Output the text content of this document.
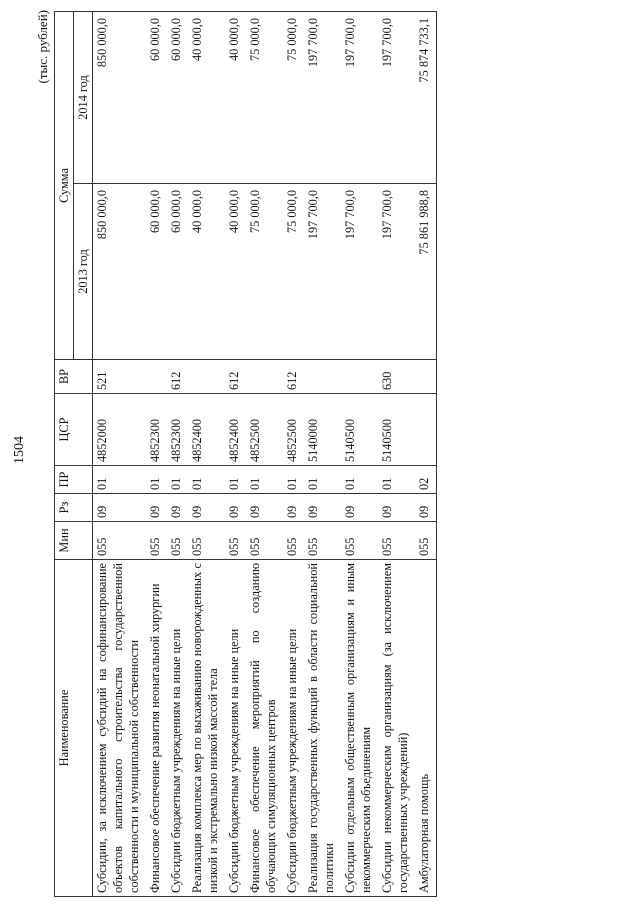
1504
(тыс. рублей)
Наименование	Мин	Рз	ПР	ЦСР	ВР	Сумма	
						2013 год	2014 год
Субсидии, за исключением субсидий на софинансирование объектов капитального строительства государственной собственности и муниципальной собственности	055	09	01	4852000	521	850 000,0	850 000,0
Финансовое обеспечение развития неонатальной хирургии	055	09	01	4852300		60 000,0	60 000,0
Субсидии бюджетным учреждениям на иные цели	055	09	01	4852300	612	60 000,0	60 000,0
Реализация комплекса мер по выхаживанию новорожденных с низкой и экстремально низкой массой тела	055	09	01	4852400		40 000,0	40 000,0
Субсидии бюджетным учреждениям на иные цели	055	09	01	4852400	612	40 000,0	40 000,0
Финансовое обеспечение мероприятий по созданию обучающих симуляционных центров	055	09	01	4852500		75 000,0	75 000,0
Субсидии бюджетным учреждениям на иные цели	055	09	01	4852500	612	75 000,0	75 000,0
Реализация государственных функций в области социальной политики	055	09	01	5140000		197 700,0	197 700,0
Субсидии отдельным общественным организациям и иным некоммерческим объединениям	055	09	01	5140500		197 700,0	197 700,0
Субсидии некоммерческим организациям (за исключением государственных учреждений)	055	09	01	5140500	630	197 700,0	197 700,0
Амбулаторная помощь	055	09	02			75 861 988,8	75 874 733,1
